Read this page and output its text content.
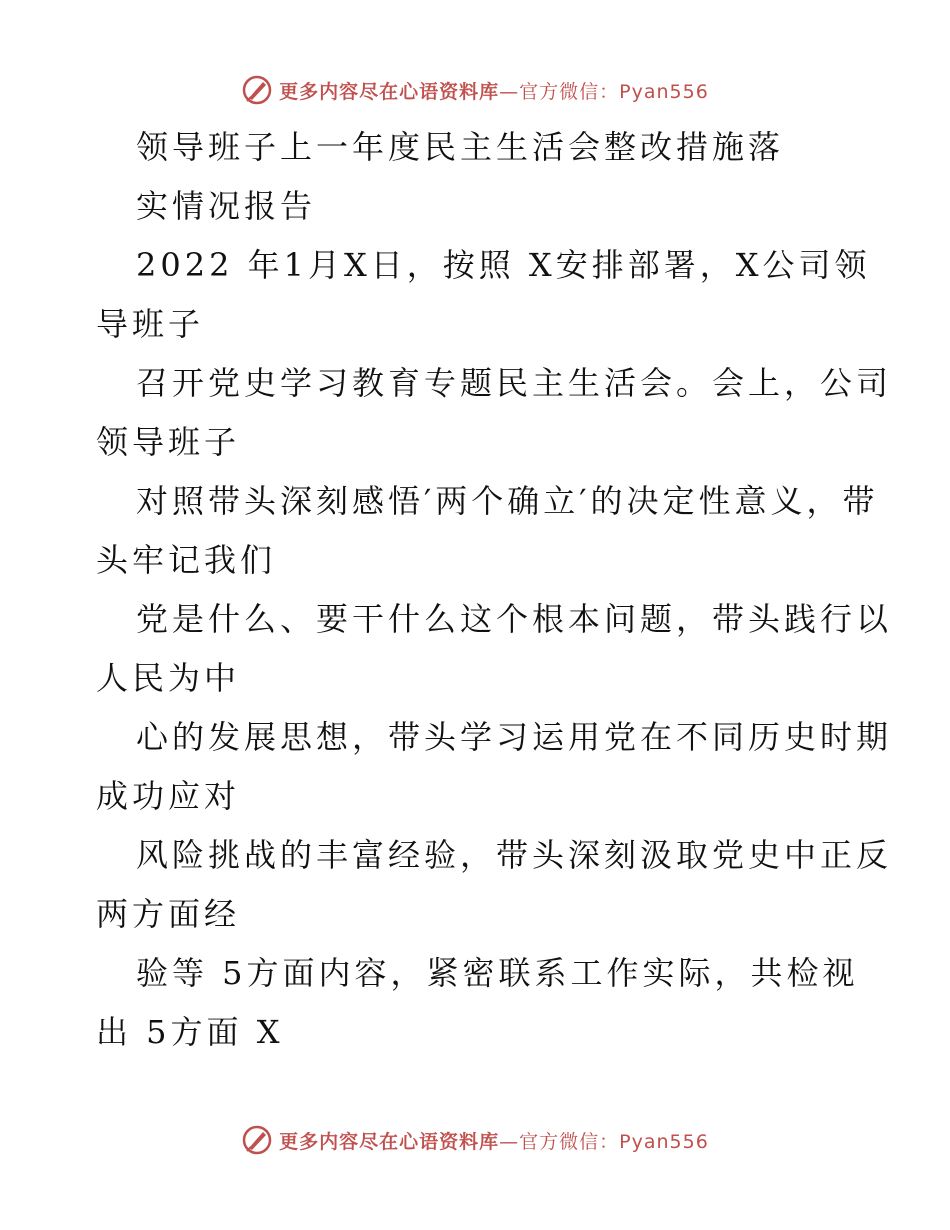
更多内容尽在心语资料库 —官方微信：Pyan556
领导班子上一年度民主生活会整改措施落
实情况报告
2022 年1月X日，按照 X安排部署，X公司领
导班子
召开党史学习教育专题民主生活会。会上，公司
领导班子
对照带头深刻感悟′两个确立′的决定性意义，带
头牢记我们
党是什么、要干什么这个根本问题，带头践行以
人民为中
心的发展思想，带头学习运用党在不同历史时期
成功应对
风险挑战的丰富经验，带头深刻汲取党史中正反
两方面经
验等 5方面内容，紧密联系工作实际，共检视
出 5方面 X
更多内容尽在心语资料库 —官方微信：Pyan556
